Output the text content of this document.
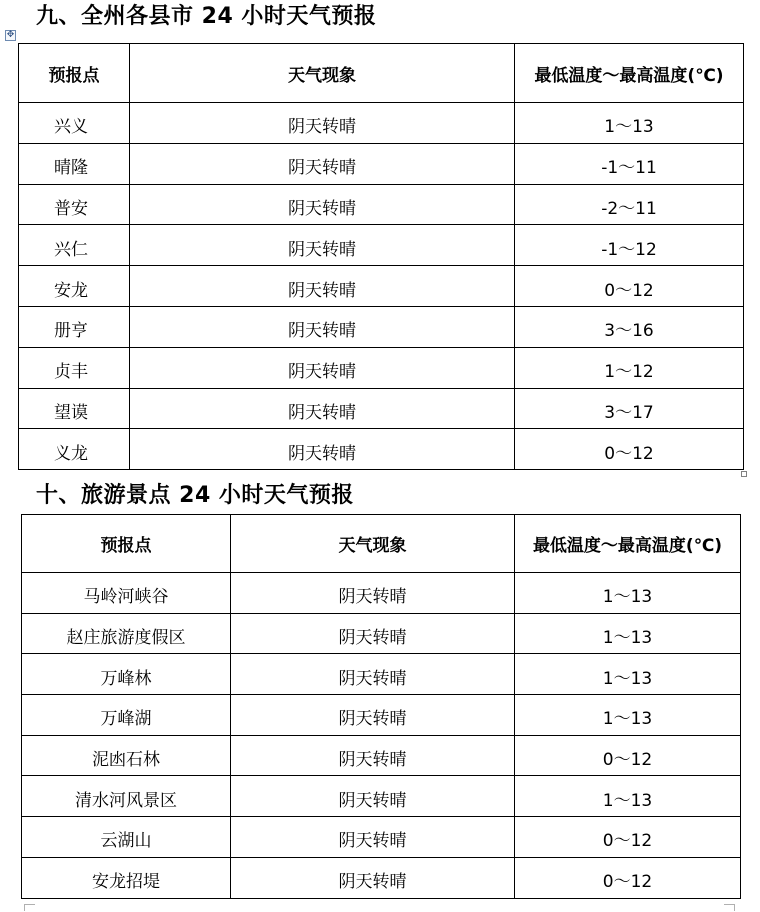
九、全州各县市 24 小时天气预报
✥
预报点	天气现象	最低温度～最高温度(℃)
兴义	阴天转晴	1～13
晴隆	阴天转晴	-1～11
普安	阴天转晴	-2～11
兴仁	阴天转晴	-1～12
安龙	阴天转晴	0～12
册亨	阴天转晴	3～16
贞丰	阴天转晴	1～12
望谟	阴天转晴	3～17
义龙	阴天转晴	0～12
十、旅游景点 24 小时天气预报
预报点	天气现象	最低温度～最高温度(℃)
马岭河峡谷	阴天转晴	1～13
赵庄旅游度假区	阴天转晴	1～13
万峰林	阴天转晴	1～13
万峰湖	阴天转晴	1～13
泥凼石林	阴天转晴	0～12
清水河风景区	阴天转晴	1～13
云湖山	阴天转晴	0～12
安龙招堤	阴天转晴	0～12
